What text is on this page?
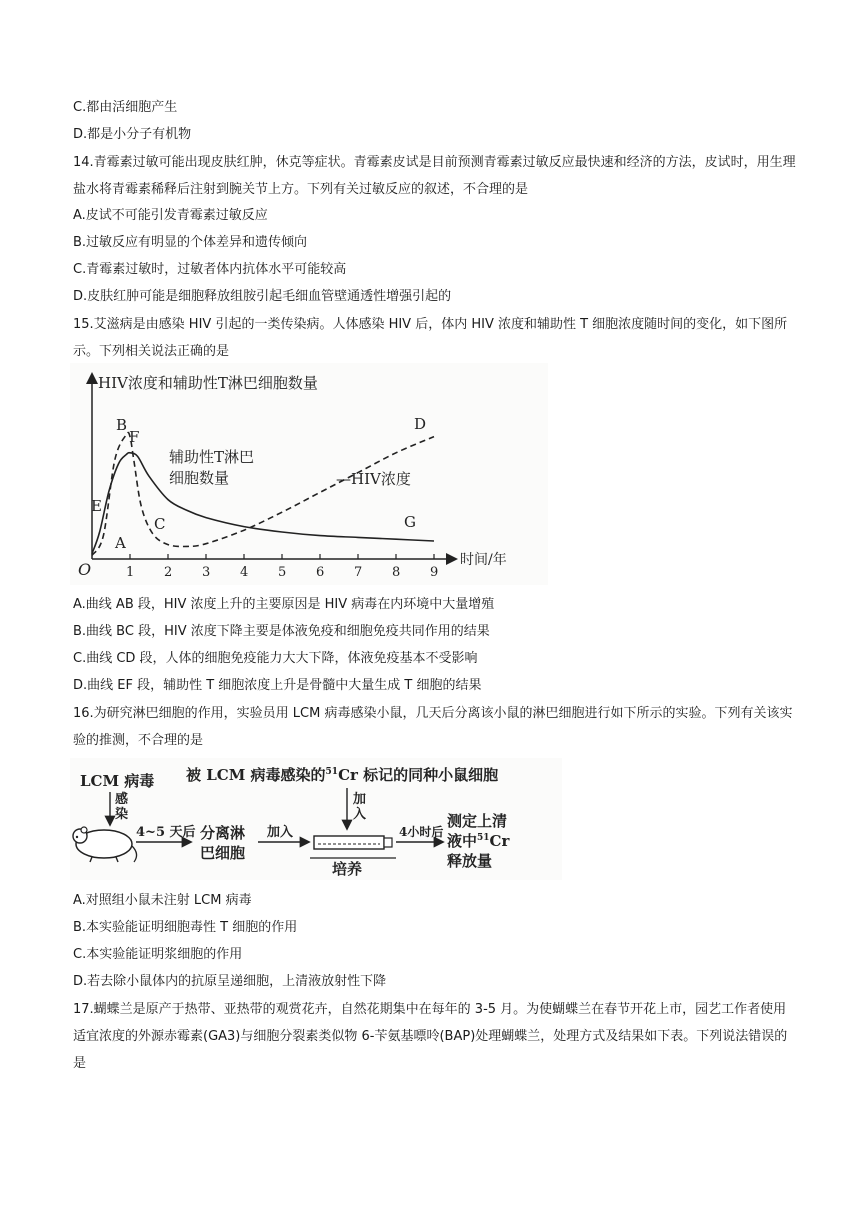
C.都由活细胞产生
D.都是小分子有机物
14.青霉素过敏可能出现皮肤红肿，休克等症状。青霉素皮试是目前预测青霉素过敏反应最快速和经济的方法，皮试时，用生理盐水将青霉素稀释后注射到腕关节上方。下列有关过敏反应的叙述，不合理的是
A.皮试不可能引发青霉素过敏反应
B.过敏反应有明显的个体差异和遗传倾向
C.青霉素过敏时，过敏者体内抗体水平可能较高
D.皮肤红肿可能是细胞释放组胺引起毛细血管壁通透性增强引起的
15.艾滋病是由感染 HIV 引起的一类传染病。人体感染 HIV 后，体内 HIV 浓度和辅助性 T 细胞浓度随时间的变化，如下图所示。下列相关说法正确的是
HIV浓度和辅助性T淋巴细胞数量
时间/年
O	1 2 3 4 5 6 7 8 9
A
B
C
D
E
F
G
辅助性T淋巴
细胞数量	—HIV浓度
A.曲线 AB 段，HIV 浓度上升的主要原因是 HIV 病毒在内环境中大量增殖
B.曲线 BC 段，HIV 浓度下降主要是体液免疫和细胞免疫共同作用的结果
C.曲线 CD 段，人体的细胞免疫能力大大下降，体液免疫基本不受影响
D.曲线 EF 段，辅助性 T 细胞浓度上升是骨髓中大量生成 T 细胞的结果
16.为研究淋巴细胞的作用，实验员用 LCM 病毒感染小鼠，几天后分离该小鼠的淋巴细胞进行如下所示的实验。下列有关该实验的推测，不合理的是
LCM 病毒
感
染
4~5 天后 分离淋
巴细胞
加入
被 LCM 病毒感染的$^{51}$Cr 标记的同种小鼠细胞
加
入
培养
4小时后
测定上清
液中$^{51}$Cr
释放量
A.对照组小鼠未注射 LCM 病毒
B.本实验能证明细胞毒性 T 细胞的作用
C.本实验能证明浆细胞的作用
D.若去除小鼠体内的抗原呈递细胞，上清液放射性下降
17.蝴蝶兰是原产于热带、亚热带的观赏花卉，自然花期集中在每年的 3-5 月。为使蝴蝶兰在春节开花上市，园艺工作者使用适宜浓度的外源赤霉素(GA3)与细胞分裂素类似物 6-苄氨基嘌呤(BAP)处理蝴蝶兰，处理方式及结果如下表。下列说法错误的是
